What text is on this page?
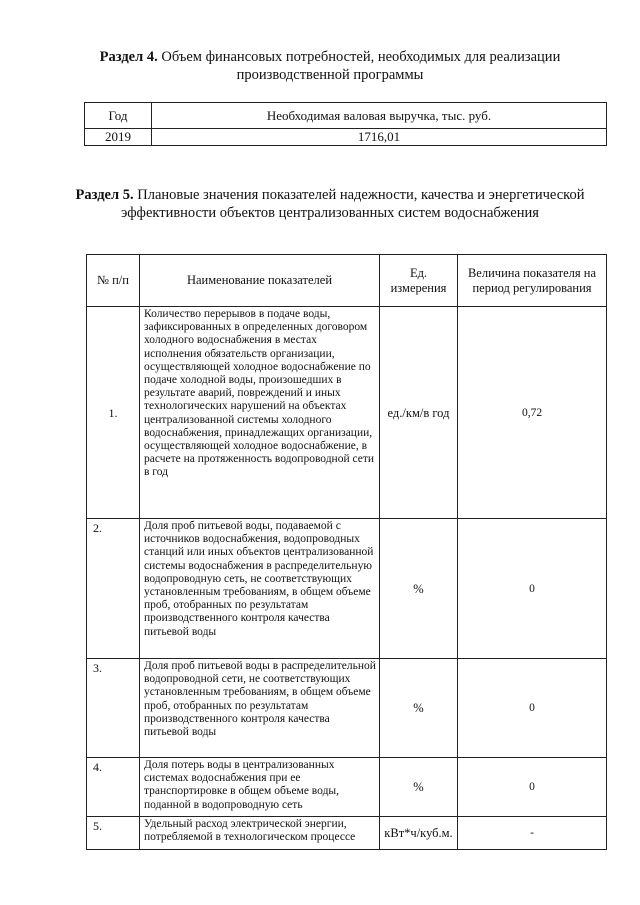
Раздел 4. Объем финансовых потребностей, необходимых для реализации производственной программы
Год	Необходимая валовая выручка, тыс. руб.
2019	1716,01
Раздел 5. Плановые значения показателей надежности, качества и энергетической эффективности объектов централизованных систем водоснабжения
№ п/п	Наименование показателей	Ед. измерения	Величина показателя на период регулирования
1.	Количество перерывов в подаче воды, зафиксированных в определенных договором холодного водоснабжения в местах исполнения обязательств организации, осуществляющей холодное водоснабжение по подаче холодной воды, произошедших в результате аварий, повреждений и иных технологических нарушений на объектах централизованной системы холодного водоснабжения, принадлежащих организации, осуществляющей холодное водоснабжение, в расчете на протяженность водопроводной сети в год	ед./км/в год	0,72
2.	Доля проб питьевой воды, подаваемой с источников водоснабжения, водопроводных станций или иных объектов централизованной системы водоснабжения в распределительную водопроводную сеть, не соответствующих установленным требованиям, в общем объеме проб, отобранных по результатам производственного контроля качества питьевой воды	%	0
3.	Доля проб питьевой воды в распределительной водопроводной сети, не соответствующих установленным требованиям, в общем объеме проб, отобранных по результатам производственного контроля качества питьевой воды	%	0
4.	Доля потерь воды в централизованных системах водоснабжения при ее транспортировке в общем объеме воды, поданной в водопроводную сеть	%	0
5.	Удельный расход электрической энергии, потребляемой в технологическом процессе	кВт*ч/куб.м.	-
